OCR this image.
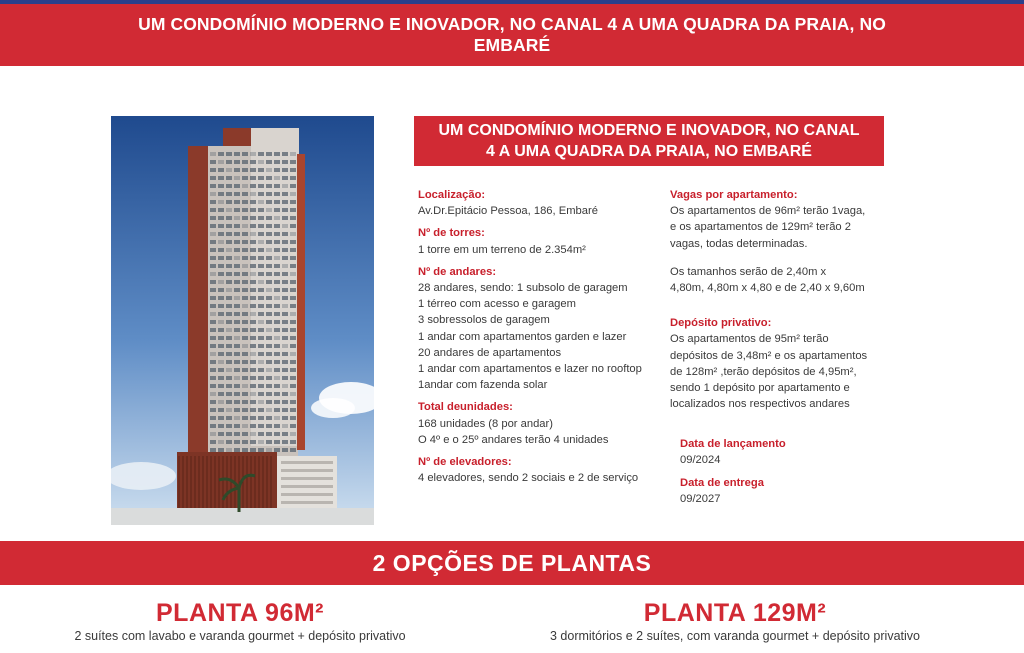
UM CONDOMÍNIO MODERNO E INOVADOR, NO CANAL 4 A UMA QUADRA DA PRAIA, NO EMBARÉ
UM CONDOMÍNIO MODERNO E INOVADOR, NO CANAL 4 A UMA QUADRA DA PRAIA, NO EMBARÉ
Localização:
Av.Dr.Epitácio Pessoa, 186, Embaré
Nº de torres:
1 torre em um terreno de 2.354m²
Nº de andares:
28 andares, sendo: 1 subsolo de garagem
1 térreo com acesso e garagem
3 sobressolos de garagem
1 andar com apartamentos garden e lazer
20 andares de apartamentos
1 andar com apartamentos e lazer no rooftop
1andar com fazenda solar
Total deunidades:
168 unidades (8 por andar)
O 4º e o 25º andares terão 4 unidades
Nº de elevadores:
4 elevadores, sendo 2 sociais e 2 de serviço
Vagas por apartamento:
Os apartamentos de 96m² terão 1vaga,
e os apartamentos de 129m² terão 2
vagas, todas determinadas.
Os tamanhos serão de 2,40m x
4,80m, 4,80m x 4,80 e de 2,40 x 9,60m
Depósito privativo:
Os apartamentos de 95m² terão
depósitos de 3,48m² e os apartamentos
de 128m² ,terão depósitos de 4,95m²,
sendo 1 depósito por apartamento e
localizados nos respectivos andares
Data de lançamento
09/2024
Data de entrega
09/2027
2 OPÇÕES DE PLANTAS
PLANTA 96M²
2 suítes com lavabo e varanda gourmet + depósito privativo
PLANTA 129M²
3 dormitórios e 2 suítes, com varanda gourmet + depósito privativo
